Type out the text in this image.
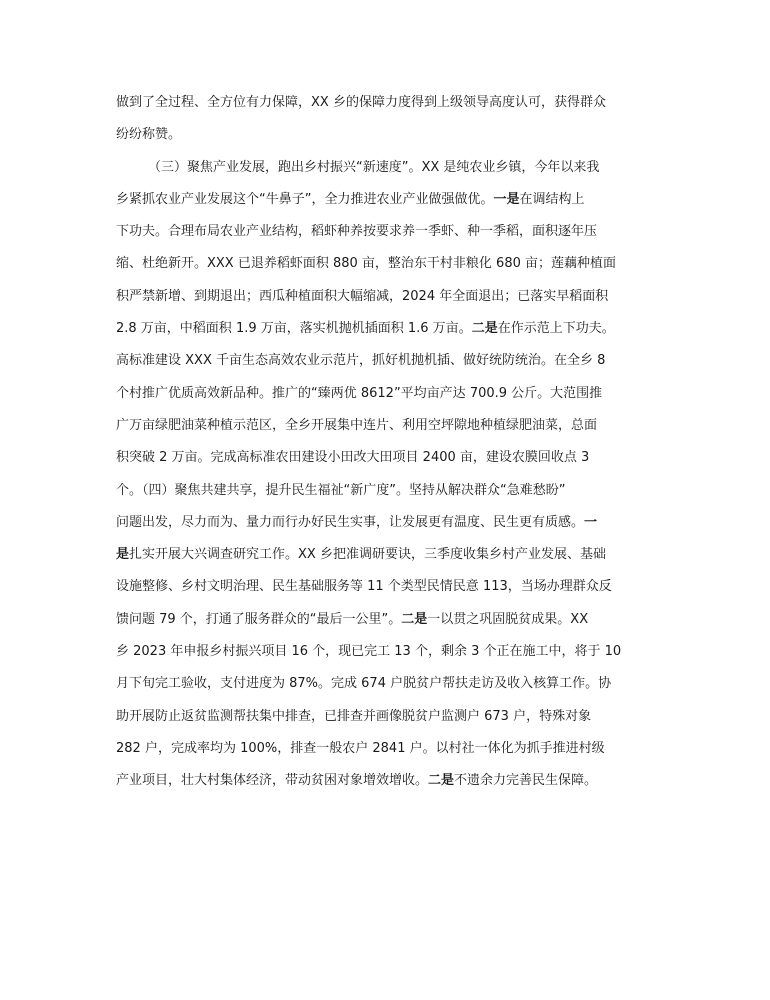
做到了全过程、全方位有力保障，XX 乡的保障力度得到上级领导高度认可，获得群众
纷纷称赞。
（三）聚焦产业发展，跑出乡村振兴“新速度”。XX 是纯农业乡镇，今年以来我
乡紧抓农业产业发展这个“牛鼻子”，全力推进农业产业做强做优。一是在调结构上
下功夫。合理布局农业产业结构，稻虾种养按要求养一季虾、种一季稻，面积逐年压
缩、杜绝新开。XXX 已退养稻虾面积 880 亩，整治东干村非粮化 680 亩；莲藕种植面
积严禁新增、到期退出；西瓜种植面积大幅缩减，2024 年全面退出；已落实早稻面积
2.8 万亩，中稻面积 1.9 万亩，落实机抛机插面积 1.6 万亩。二是在作示范上下功夫。
高标准建设 XXX 千亩生态高效农业示范片，抓好机抛机插、做好统防统治。在全乡 8
个村推广优质高效新品种。推广的“臻两优 8612”平均亩产达 700.9 公斤。大范围推
广万亩绿肥油菜种植示范区，全乡开展集中连片、利用空坪隙地种植绿肥油菜，总面
积突破 2 万亩。完成高标准农田建设小田改大田项目 2400 亩，建设农膜回收点 3
个。（四）聚焦共建共享，提升民生福祉“新广度”。坚持从解决群众“急难愁盼”
问题出发，尽力而为、量力而行办好民生实事，让发展更有温度、民生更有质感。一
是扎实开展大兴调查研究工作。XX 乡把准调研要诀，三季度收集乡村产业发展、基础
设施整修、乡村文明治理、民生基础服务等 11 个类型民情民意 113，当场办理群众反
馈问题 79 个，打通了服务群众的“最后一公里”。二是一以贯之巩固脱贫成果。XX
乡 2023 年申报乡村振兴项目 16 个，现已完工 13 个，剩余 3 个正在施工中，将于 10
月下旬完工验收，支付进度为 87%。完成 674 户脱贫户帮扶走访及收入核算工作。协
助开展防止返贫监测帮扶集中排查，已排查并画像脱贫户监测户 673 户，特殊对象
282 户，完成率均为 100%，排查一般农户 2841 户。以村社一体化为抓手推进村级
产业项目，壮大村集体经济，带动贫困对象增效增收。二是不遗余力完善民生保障。
